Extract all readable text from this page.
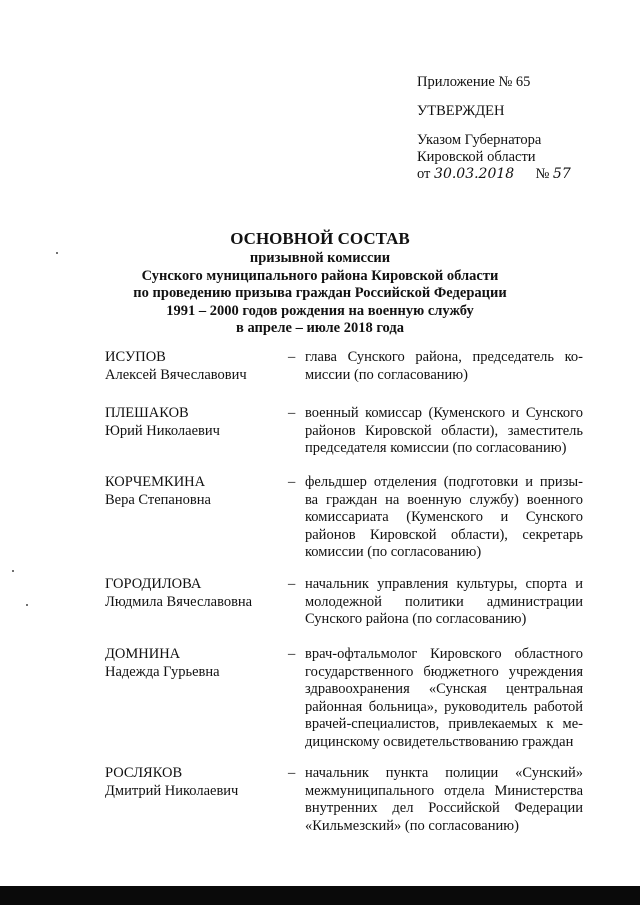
Приложение № 65
УТВЕРЖДЕН
Указом Губернатора
Кировской области
от 30.03.2018 № 57
ОСНОВНОЙ СОСТАВ
призывной комиссии
Сунского муниципального района Кировской области
по проведению призыва граждан Российской Федерации
1991 – 2000 годов рождения на военную службу
в апреле – июле 2018 года
ИСУПОВ
Алексей Вячеславович
– глава Сунского района, председатель ко-
миссии (по согласованию)
ПЛЕШАКОВ
Юрий Николаевич
– военный комиссар (Куменского и Сунского
районов Кировской области), заместитель
председателя комиссии (по согласованию)
КОРЧЕМКИНА
Вера Степановна
– фельдшер отделения (подготовки и призы-
ва граждан на военную службу) военного
комиссариата (Куменского и Сунского
районов Кировской области), секретарь
комиссии (по согласованию)
ГОРОДИЛОВА
Людмила Вячеславовна
– начальник управления культуры, спорта и
молодежной политики администрации
Сунского района (по согласованию)
ДОМНИНА
Надежда Гурьевна
– врач-офтальмолог Кировского областного
государственного бюджетного учреждения
здравоохранения «Сунская центральная
районная больница», руководитель работой
врачей-специалистов, привлекаемых к ме-
дицинскому освидетельствованию граждан
РОСЛЯКОВ
Дмитрий Николаевич
– начальник пункта полиции «Сунский»
межмуниципального отдела Министерства
внутренних дел Российской Федерации
«Кильмезский» (по согласованию)
